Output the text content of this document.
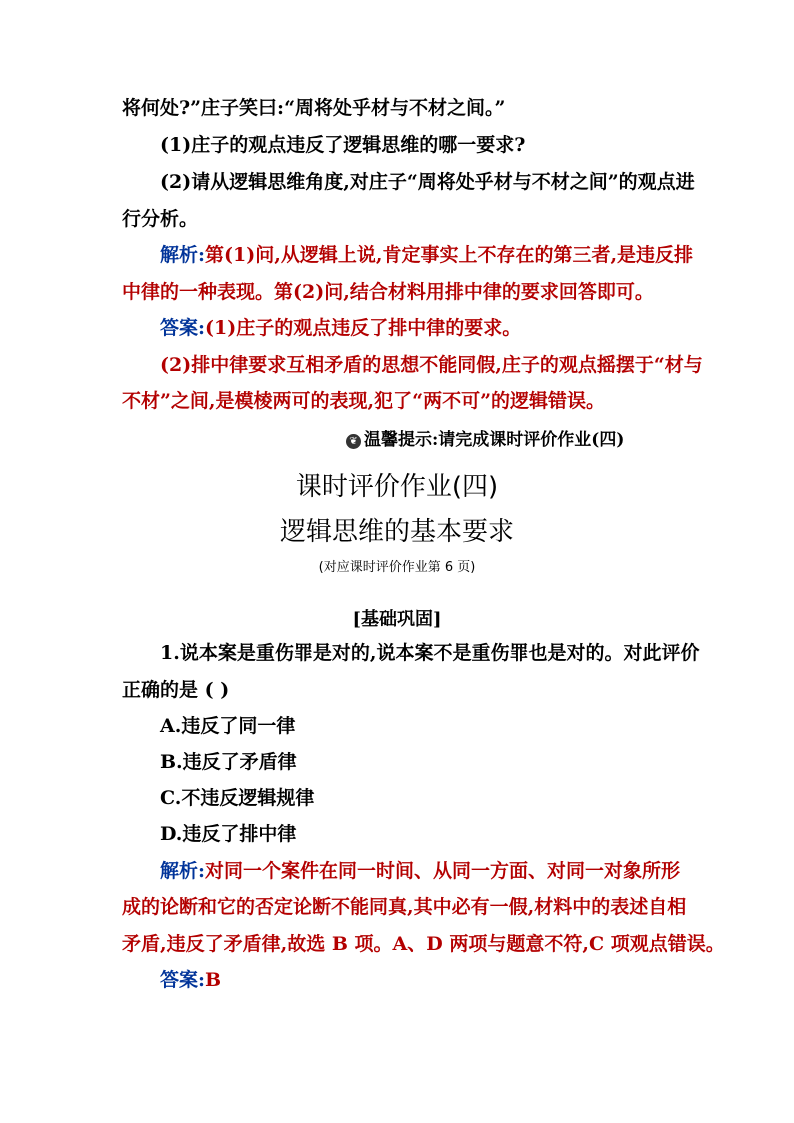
将何处?”庄子笑曰:“周将处乎材与不材之间。”
(1)庄子的观点违反了逻辑思维的哪一要求?
(2)请从逻辑思维角度,对庄子“周将处乎材与不材之间”的观点进
行分析。
解析:第(1)问,从逻辑上说,肯定事实上不存在的第三者,是违反排
中律的一种表现。第(2)问,结合材料用排中律的要求回答即可。
答案:(1)庄子的观点违反了排中律的要求。
(2)排中律要求互相矛盾的思想不能同假,庄子的观点摇摆于“材与
不材”之间,是模棱两可的表现,犯了“两不可”的逻辑错误。
❦ 温馨提示:请完成课时评价作业(四)
课时评价作业(四)
逻辑思维的基本要求
(对应课时评价作业第 6 页)
[基础巩固]
1.说本案是重伤罪是对的,说本案不是重伤罪也是对的。对此评价
正确的是 ( )
A.违反了同一律
B.违反了矛盾律
C.不违反逻辑规律
D.违反了排中律
解析:对同一个案件在同一时间、从同一方面、对同一对象所形
成的论断和它的否定论断不能同真,其中必有一假,材料中的表述自相
矛盾,违反了矛盾律,故选 B 项。A、D 两项与题意不符,C 项观点错误。
答案:B
